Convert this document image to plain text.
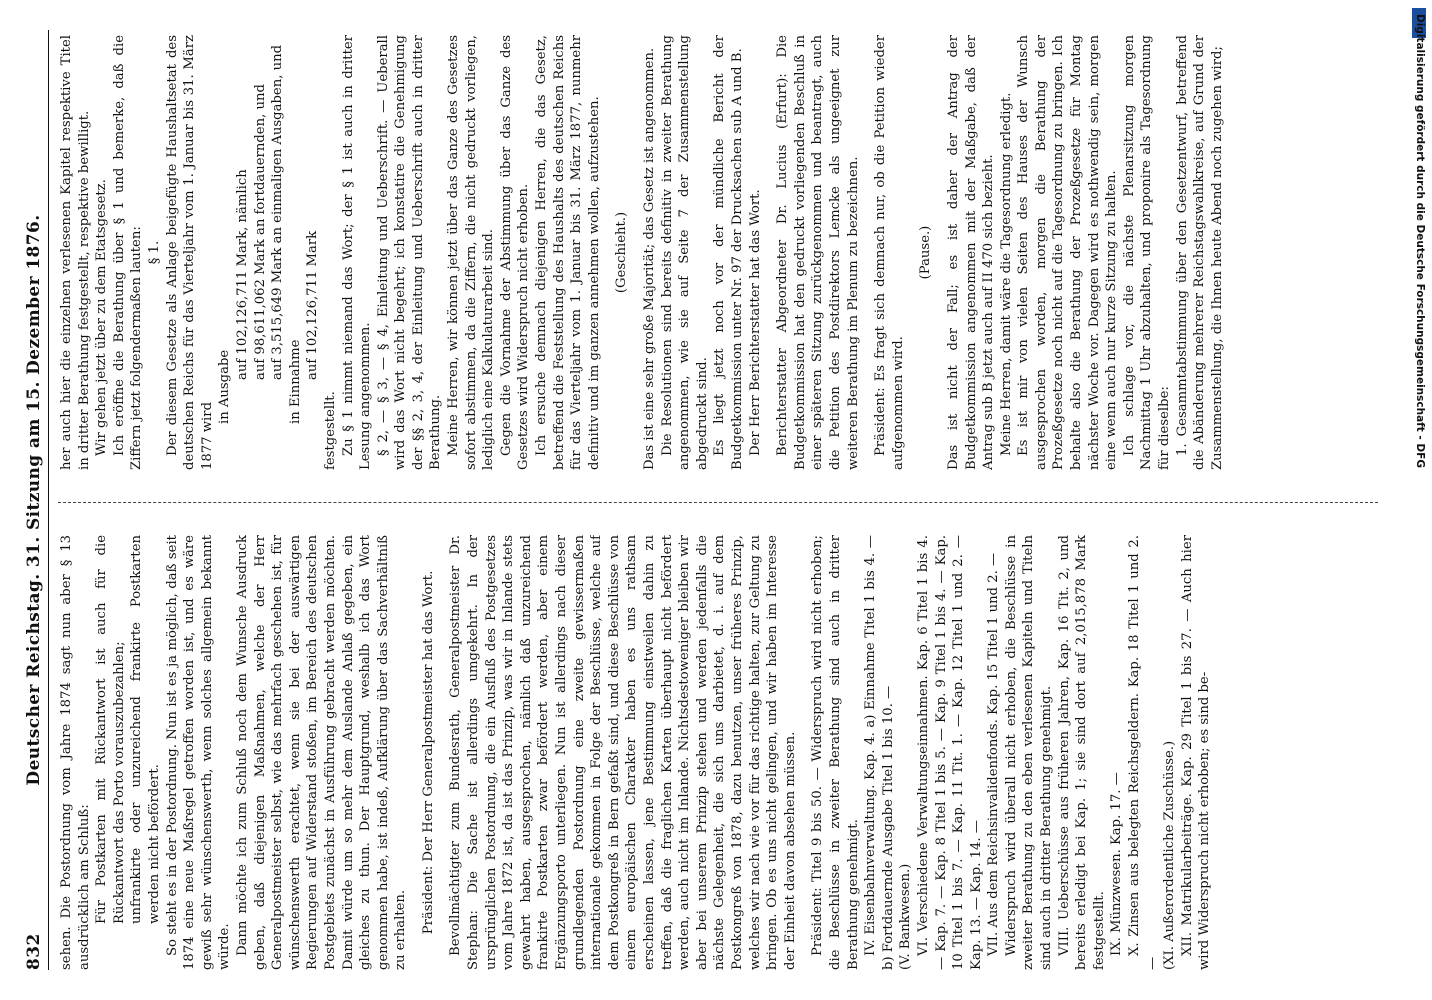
Digitalisierung gefördert durch die Deutsche Forschungsgemeinschaft - DFG
832
Deutscher Reichstag. 31. Sitzung am 15. Dezember 1876. sehen. Die Postordnung vom Jahre 1874 sagt nun aber § 13 ausdrücklich am Schluß: Für Postkarten mit Rückantwort ist auch für die Rückantwort das Porto vorauszubezahlen; unfrankirte oder unzureichend frankirte Postkarten werden nicht befördert. So steht es in der Postordnung. Nun ist es ja möglich, daß seit 1874 eine neue Maßregel getroffen worden ist, und es wäre gewiß sehr wünschenswerth, wenn solches allgemein bekannt würde. Dann möchte ich zum Schluß noch dem Wunsche Ausdruck geben, daß diejenigen Maßnahmen, welche der Herr Generalpostmeister selbst, wie das mehrfach geschehen ist, für wünschenswerth erachtet, wenn sie bei der auswärtigen Regierungen auf Widerstand stoßen, im Bereich des deutschen Postgebiets zunächst in Ausführung gebracht werden möchten. Damit würde um so mehr dem Auslande Anlaß gegeben, ein gleiches zu thun. Der Hauptgrund, weshalb ich das Wort genommen habe, ist indeß, Aufklärung über das Sachverhältniß zu erhalten. Präsident: Der Herr Generalpostmeister hat das Wort. Bevollmächtigter zum Bundesrath, Generalpostmeister Dr. Stephan: Die Sache ist allerdings umgekehrt. In der ursprünglichen Postordnung, die ein Ausfluß des Postgesetzes vom Jahre 1872 ist, da ist das Prinzip, was wir in Inlande stets gewahrt haben, ausgesprochen, nämlich daß unzureichend frankirte Postkarten zwar befördert werden, aber einem Ergänzungsporto unterliegen. Nun ist allerdings nach dieser grundlegenden Postordnung eine zweite gewissermaßen internationale gekommen in Folge der Beschlüsse, welche auf dem Postkongreß in Bern gefaßt sind, und diese Beschlüsse von einem europäischen Charakter haben es uns rathsam erscheinen lassen, jene Bestimmung einstweilen dahin zu treffen, daß die fraglichen Karten überhaupt nicht befördert werden, auch nicht im Inlande. Nichtsdestoweniger bleiben wir aber bei unserem Prinzip stehen und werden jedenfalls die nächste Gelegenheit, die sich uns darbietet, d. i. auf dem Postkongreß von 1878, dazu benutzen, unser früheres Prinzip, welches wir nach wie vor für das richtige halten, zur Geltung zu bringen. Ob es uns nicht gelingen, und wir haben im Interesse der Einheit davon absehen müssen. Präsident: Titel 9 bis 50. — Widerspruch wird nicht erhoben; die Beschlüsse in zweiter Berathung sind auch in dritter Berathung genehmigt. IV. Eisenbahnverwaltung. Kap. 4. a) Einnahme Titel 1 bis 4. — b) Fortdauernde Ausgabe Titel 1 bis 10. — (V. Bankwesen.) VI. Verschiedene Verwaltungseinnahmen. Kap. 6 Titel 1 bis 4. — Kap. 7. — Kap. 8 Titel 1 bis 5. — Kap. 9 Titel 1 bis 4. — Kap. 10 Titel 1 bis 7. — Kap. 11 Tit. 1. — Kap. 12 Titel 1 und 2. — Kap. 13. — Kap. 14. — VII. Aus dem Reichsinvalidenfonds. Kap. 15 Titel 1 und 2. — Widerspruch wird überall nicht erhoben, die Beschlüsse in zweiter Berathung zu den eben verlesenen Kapiteln und Titeln sind auch in dritter Berathung genehmigt. VIII. Ueberschüsse aus früheren Jahren, Kap. 16 Tit. 2, und bereits erledigt bei Kap. 1; sie sind dort auf 2,015,878 Mark festgestellt. IX. Münzwesen. Kap. 17. — X. Zinsen aus belegten Reichsgeldern. Kap. 18 Titel 1 und 2. — (XI. Außerordentliche Zuschüsse.) XII. Matrikularbeiträge. Kap. 29 Titel 1 bis 27. — Auch hier wird Widerspruch nicht erhoben; es sind be-

her auch hier die einzelnen verlesenen Kapitel respektive Titel in dritter Berathung festgestellt, respektive bewilligt. Wir gehen jetzt über zu dem Etatsgesetz. Ich eröffne die Berathung über § 1 und bemerke, daß die Ziffern jetzt folgendermaßen lauten: § 1. Der diesem Gesetze als Anlage beigefügte Haushaltsetat des deutschen Reichs für das Vierteljahr vom 1. Januar bis 31. März 1877 wird

in Ausgabe

auf 102,126,711 Mark, nämlich auf 98,611,062 Mark an fortdauernden, und auf 3,515,649 Mark an einmaligen Ausgaben, und

in Einnahme

auf 102,126,711 Mark

festgestellt. Zu § 1 nimmt niemand das Wort; der § 1 ist auch in dritter Lesung angenommen. § 2, — § 3, — § 4, Einleitung und Ueberschrift. — Ueberall wird das Wort nicht begehrt; ich konstatire die Genehmigung der §§ 2, 3, 4, der Einleitung und Ueberschrift auch in dritter Berathung. Meine Herren, wir können jetzt über das Ganze des Gesetzes sofort abstimmen, da die Ziffern, die nicht gedruckt vorliegen, lediglich eine Kalkulaturarbeit sind. Gegen die Vornahme der Abstimmung über das Ganze des Gesetzes wird Widerspruch nicht erhoben. Ich ersuche demnach diejenigen Herren, die das Gesetz, betreffend die Feststellung des Haushalts des deutschen Reichs für das Vierteljahr vom 1. Januar bis 31. März 1877, nunmehr definitiv und im ganzen annehmen wollen, aufzustehen. (Geschieht.) Das ist eine sehr große Majorität; das Gesetz ist angenommen. Die Resolutionen sind bereits definitiv in zweiter Berathung angenommen, wie sie auf Seite 7 der Zusammenstellung abgedruckt sind. Es liegt jetzt noch vor der mündliche Bericht der Budgetkommission unter Nr. 97 der Drucksachen sub A und B. Der Herr Berichterstatter hat das Wort. Berichterstatter Abgeordneter Dr. Lucius (Erfurt): Die Budgetkommission hat den gedruckt vorliegenden Beschluß in einer späteren Sitzung zurückgenommen und beantragt, auch die Petition des Postdirektors Lemcke als ungeeignet zur weiteren Berathung im Plenum zu bezeichnen. Präsident: Es fragt sich demnach nur, ob die Petition wieder aufgenommen wird.

(Pause.) Das ist nicht der Fall; es ist daher der Antrag der Budgetkommission angenommen mit der Maßgabe, daß der Antrag sub B jetzt auch auf II 470 sich bezieht. Meine Herren, damit wäre die Tagesordnung erledigt. Es ist mir von vielen Seiten des Hauses der Wunsch ausgesprochen worden, morgen die Berathung der Prozeßgesetze noch nicht auf die Tagesordnung zu bringen. Ich behalte also die Berathung der Prozeßgesetze für Montag nächster Woche vor. Dagegen wird es nothwendig sein, morgen eine wenn auch nur kurze Sitzung zu halten. Ich schlage vor, die nächste Plenarsitzung morgen Nachmittag 1 Uhr abzuhalten, und proponire als Tagesordnung für dieselbe: 1. Gesammtabstimmung über den Gesetzentwurf, betreffend die Abänderung mehrerer Reichstagswahlkreise, auf Grund der Zusammenstellung, die Ihnen heute Abend noch zugehen wird;
